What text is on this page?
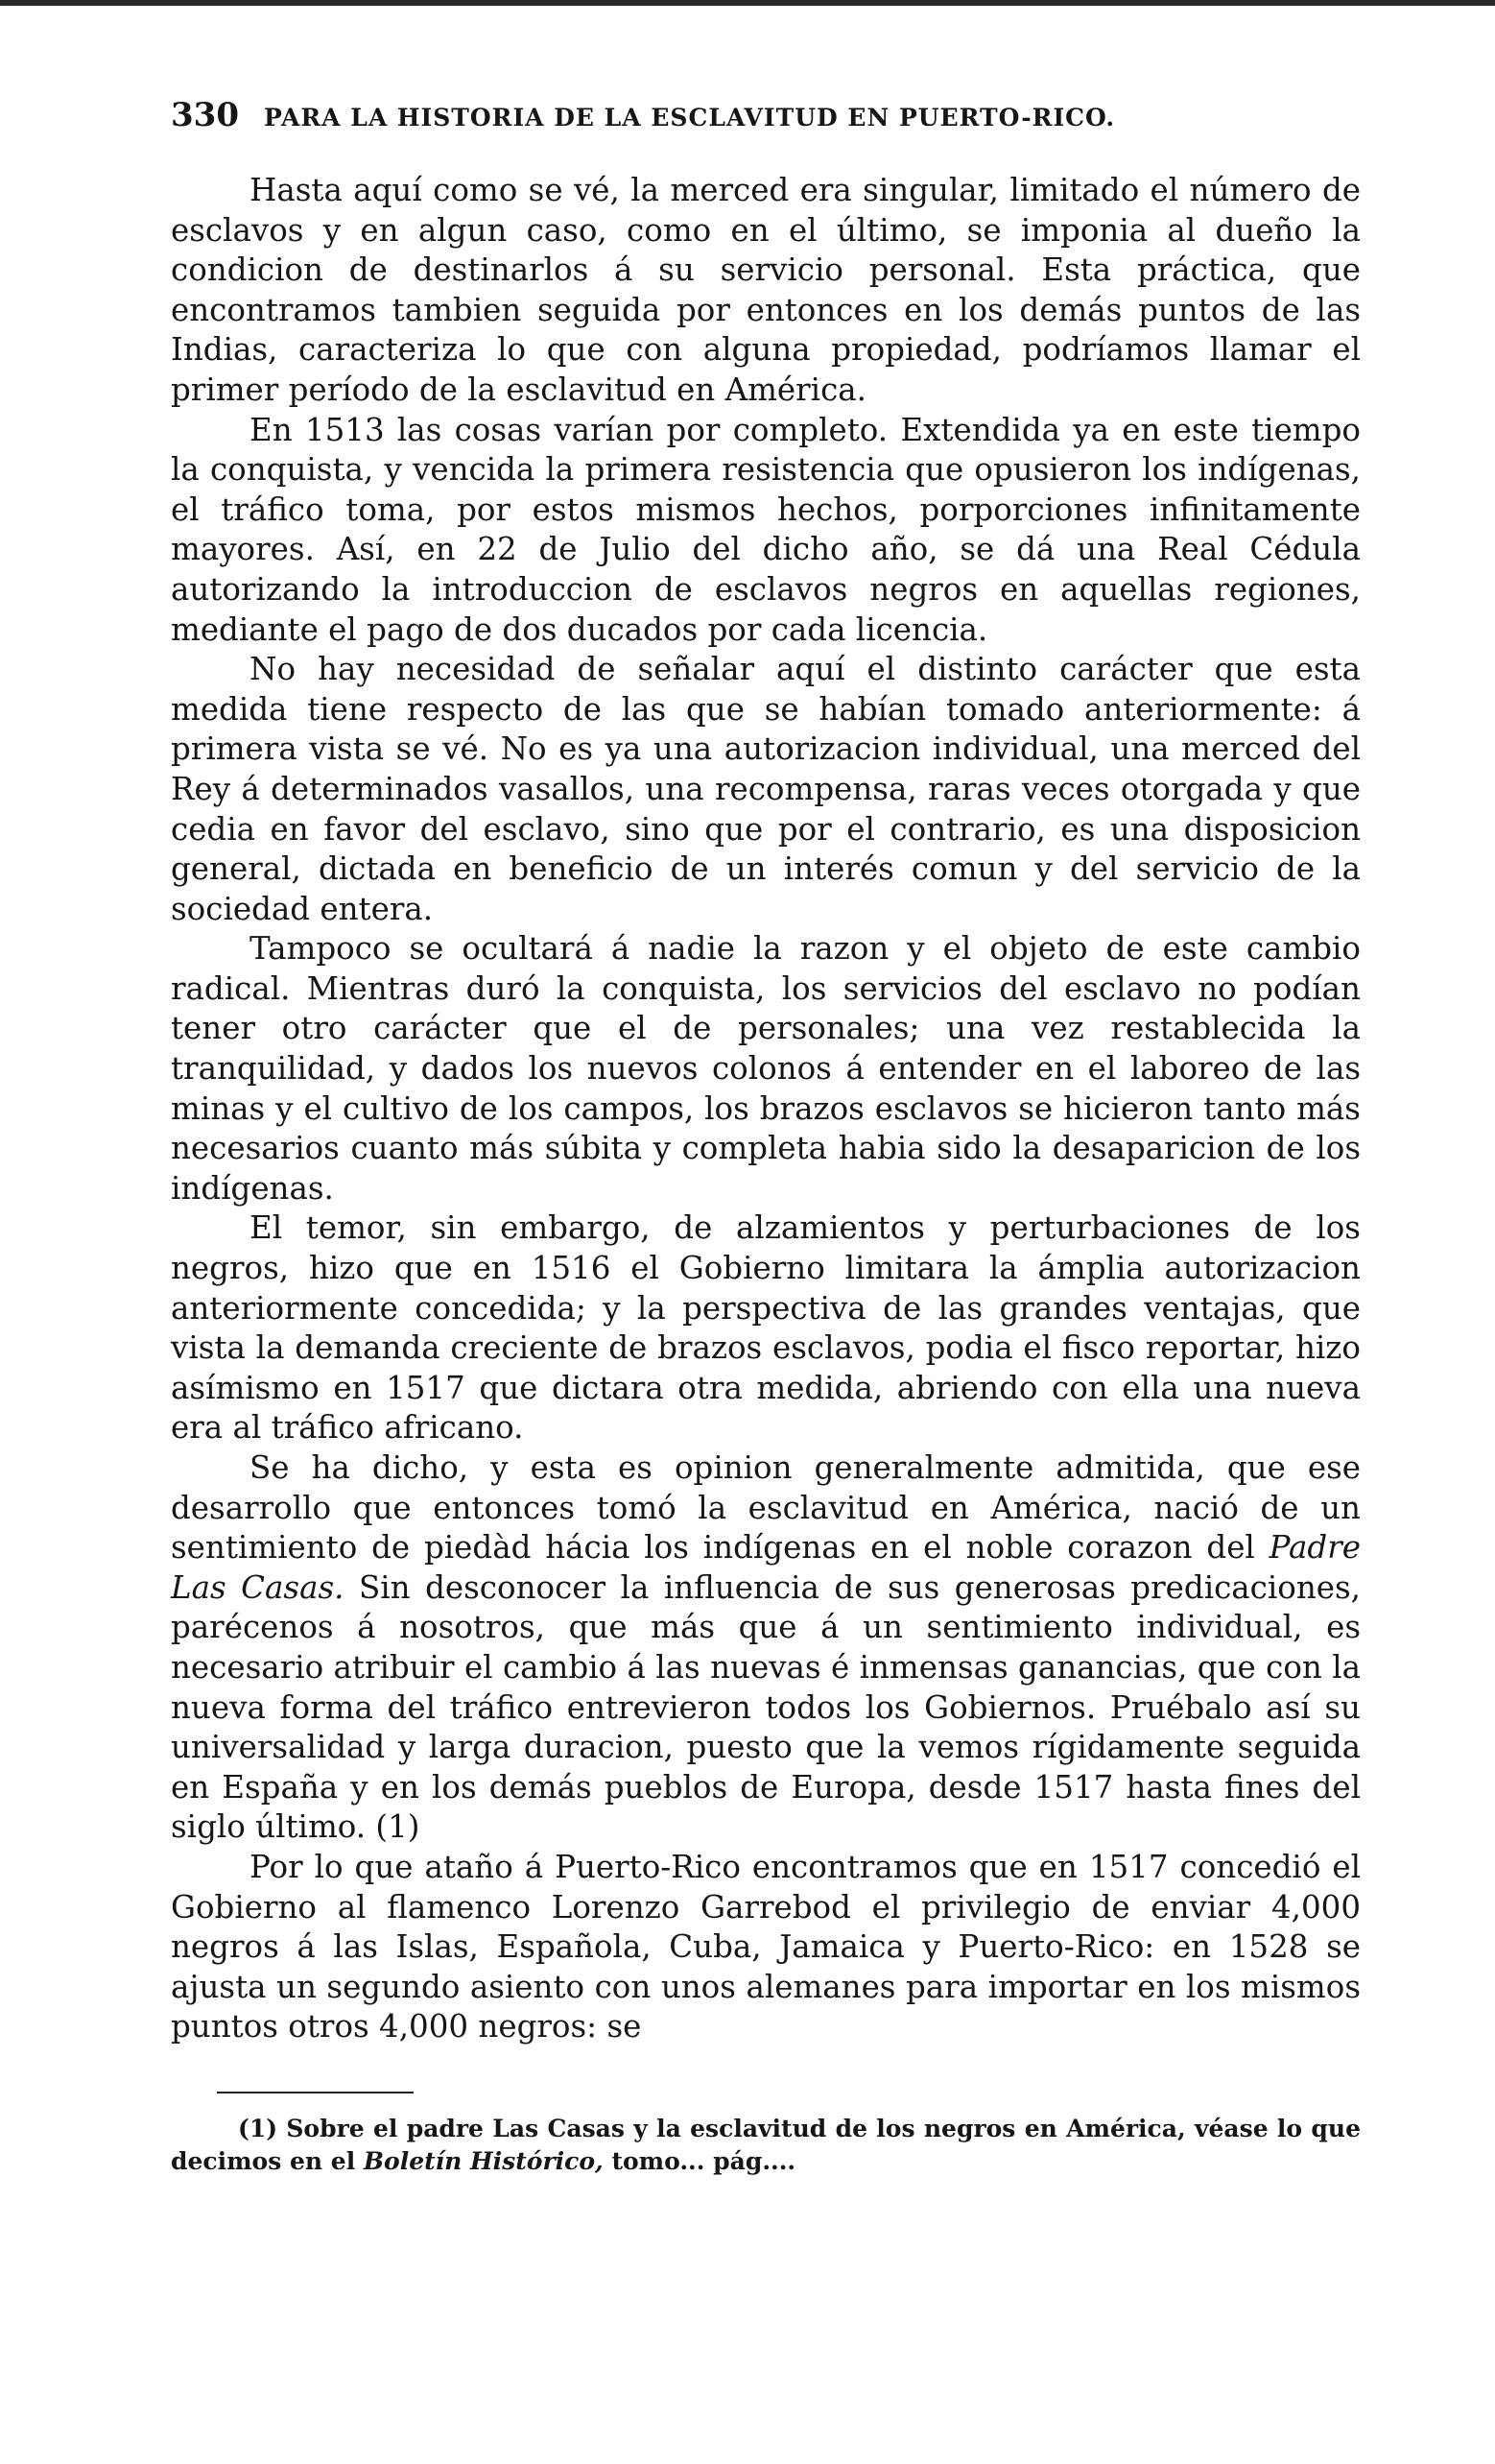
330 PARA LA HISTORIA DE LA ESCLAVITUD EN PUERTO-RICO.

Hasta aquí como se vé, la merced era singular, limitado el número de esclavos y en algun caso, como en el último, se imponia al dueño la condicion de destinarlos á su servicio personal. Esta práctica, que encontramos tambien seguida por entonces en los demás puntos de las Indias, caracteriza lo que con alguna propiedad, podríamos llamar el primer período de la esclavitud en América.

En 1513 las cosas varían por completo. Extendida ya en este tiempo la conquista, y vencida la primera resistencia que opusieron los indígenas, el tráfico toma, por estos mismos hechos, porporciones infinitamente mayores. Así, en 22 de Julio del dicho año, se dá una Real Cédula autorizando la introduccion de esclavos negros en aquellas regiones, mediante el pago de dos ducados por cada licencia.

No hay necesidad de señalar aquí el distinto carácter que esta medida tiene respecto de las que se habían tomado anteriormente: á primera vista se vé. No es ya una autorizacion individual, una merced del Rey á determinados vasallos, una recompensa, raras veces otorgada y que cedia en favor del esclavo, sino que por el contrario, es una disposicion general, dictada en beneficio de un interés comun y del servicio de la sociedad entera.

Tampoco se ocultará á nadie la razon y el objeto de este cambio radical. Mientras duró la conquista, los servicios del esclavo no podían tener otro carácter que el de personales; una vez restablecida la tranquilidad, y dados los nuevos colonos á entender en el laboreo de las minas y el cultivo de los campos, los brazos esclavos se hicieron tanto más necesarios cuanto más súbita y completa habia sido la desaparicion de los indígenas.

El temor, sin embargo, de alzamientos y perturbaciones de los negros, hizo que en 1516 el Gobierno limitara la ámplia autorizacion anteriormente concedida; y la perspectiva de las grandes ventajas, que vista la demanda creciente de brazos esclavos, podia el fisco reportar, hizo asímismo en 1517 que dictara otra medida, abriendo con ella una nueva era al tráfico africano.

Se ha dicho, y esta es opinion generalmente admitida, que ese desarrollo que entonces tomó la esclavitud en América, nació de un sentimiento de piedàd hácia los indígenas en el noble corazon del Padre Las Casas. Sin desconocer la influencia de sus generosas predicaciones, parécenos á nosotros, que más que á un sentimiento individual, es necesario atribuir el cambio á las nuevas é inmensas ganancias, que con la nueva forma del tráfico entrevieron todos los Gobiernos. Pruébalo así su universalidad y larga duracion, puesto que la vemos rígidamente seguida en España y en los demás pueblos de Europa, desde 1517 hasta fines del siglo último. (1)

Por lo que ataño á Puerto-Rico encontramos que en 1517 concedió el Gobierno al flamenco Lorenzo Garrebod el privilegio de enviar 4,000 negros á las Islas, Española, Cuba, Jamaica y Puerto-Rico: en 1528 se ajusta un segundo asiento con unos alemanes para importar en los mismos puntos otros 4,000 negros: se

(1) Sobre el padre Las Casas y la esclavitud de los negros en América, véase lo que decimos en el Boletín Histórico, tomo... pág....
